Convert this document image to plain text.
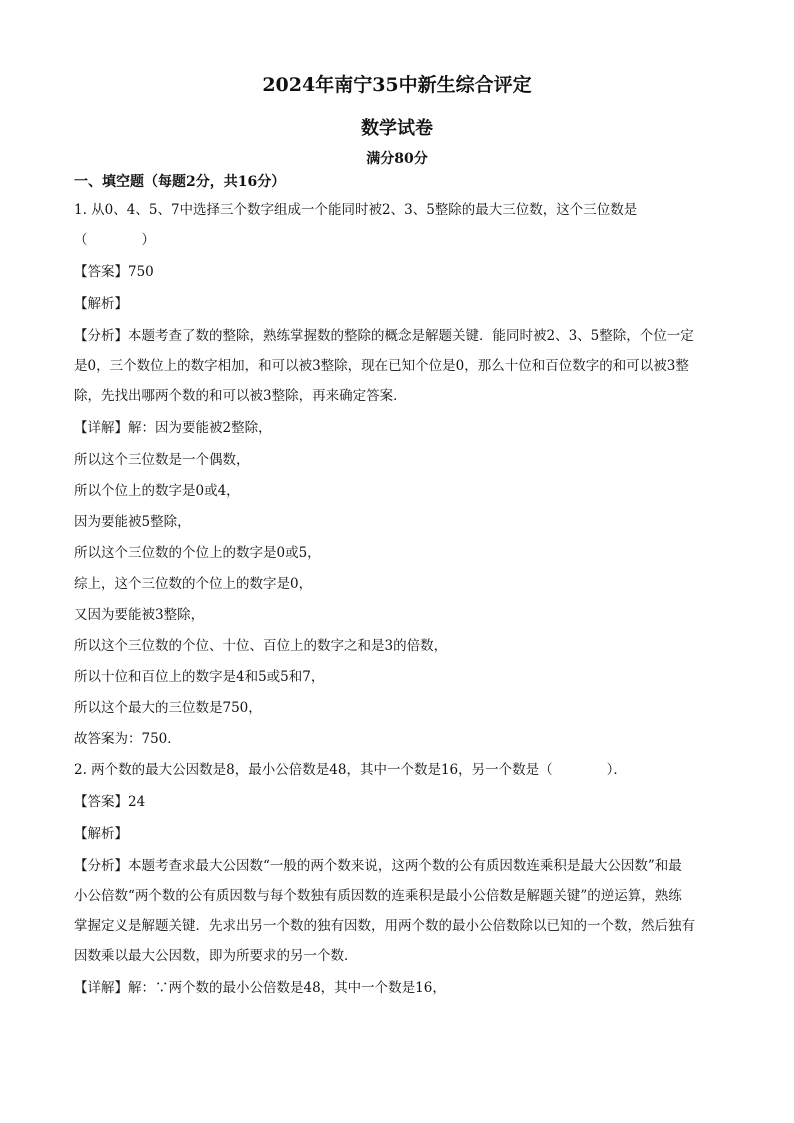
2024年南宁35中新生综合评定
数学试卷
满分80分
一、填空题（每题2分，共16分）
1. 从0、4、5、7中选择三个数字组成一个能同时被2、3、5整除的最大三位数，这个三位数是
（　　　　）
【答案】750
【解析】
【分析】本题考查了数的整除，熟练掌握数的整除的概念是解题关键．能同时被2、3、5整除，个位一定
是0，三个数位上的数字相加，和可以被3整除，现在已知个位是0，那么十位和百位数字的和可以被3整
除，先找出哪两个数的和可以被3整除，再来确定答案．
【详解】解：因为要能被2整除，
所以这个三位数是一个偶数，
所以个位上的数字是0或4，
因为要能被5整除，
所以这个三位数的个位上的数字是0或5，
综上，这个三位数的个位上的数字是0，
又因为要能被3整除，
所以这个三位数的个位、十位、百位上的数字之和是3的倍数，
所以十位和百位上的数字是4和5或5和7，
所以这个最大的三位数是750，
故答案为：750．
2. 两个数的最大公因数是8，最小公倍数是48，其中一个数是16，另一个数是（　　　　）．
【答案】24
【解析】
【分析】本题考查求最大公因数“一般的两个数来说，这两个数的公有质因数连乘积是最大公因数”和最
小公倍数“两个数的公有质因数与每个数独有质因数的连乘积是最小公倍数是解题关键”的逆运算，熟练
掌握定义是解题关键．先求出另一个数的独有因数，用两个数的最小公倍数除以已知的一个数，然后独有
因数乘以最大公因数，即为所要求的另一个数．
【详解】解：∵两个数的最小公倍数是48，其中一个数是16，
